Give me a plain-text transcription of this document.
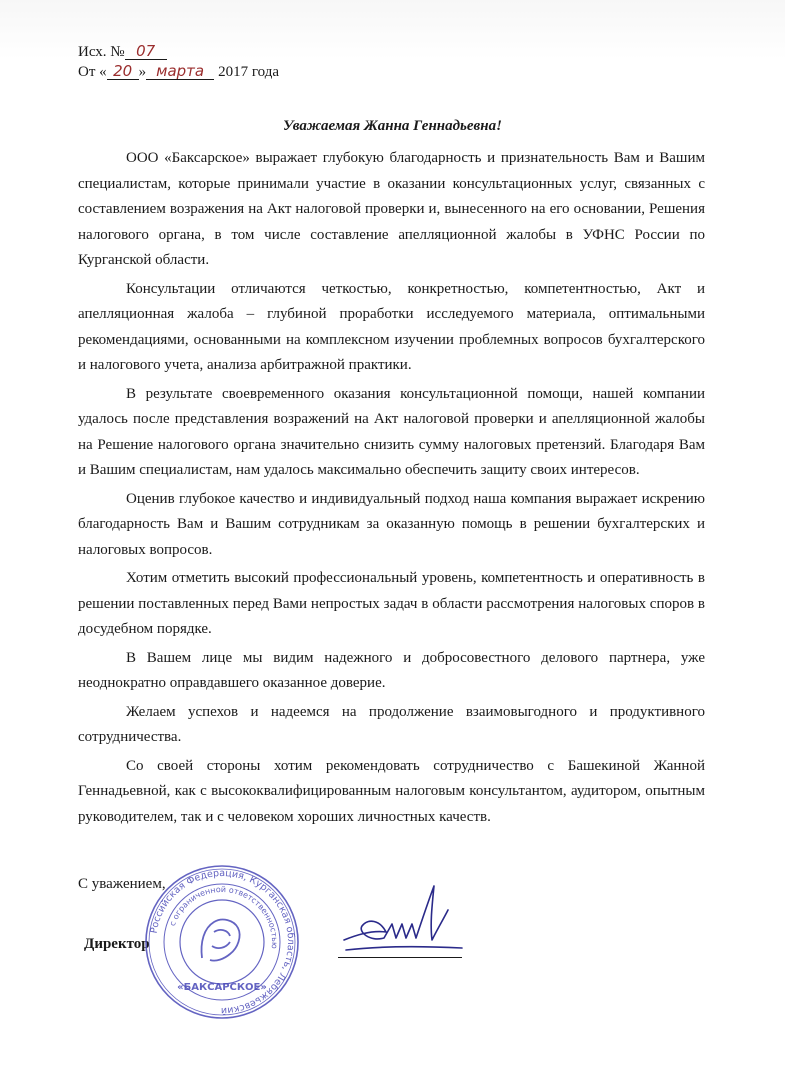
Исх. № 07
От « 20 » марта 2017 года
Уважаемая Жанна Геннадьевна!

ООО «Баксарское» выражает глубокую благодарность и признательность Вам и Вашим специалистам, которые принимали участие в оказании консультационных услуг, связанных с составлением возражения на Акт налоговой проверки и, вынесенного на его основании, Решения налогового органа, в том числе составление апелляционной жалобы в УФНС России по Курганской области.

Консультации отличаются четкостью, конкретностью, компетентностью, Акт и апелляционная жалоба – глубиной проработки исследуемого материала, оптимальными рекомендациями, основанными на комплексном изучении проблемных вопросов бухгалтерского и налогового учета, анализа арбитражной практики.

В результате своевременного оказания консультационной помощи, нашей компании удалось после представления возражений на Акт налоговой проверки и апелляционной жалобы на Решение налогового органа значительно снизить сумму налоговых претензий. Благодаря Вам и Вашим специалистам, нам удалось максимально обеспечить защиту своих интересов.

Оценив глубокое качество и индивидуальный подход наша компания выражает искрению благодарность Вам и Вашим сотрудникам за оказанную помощь в решении бухгалтерских и налоговых вопросов.

Хотим отметить высокий профессиональный уровень, компетентность и оперативность в решении поставленных перед Вами непростых задач в области рассмотрения налоговых споров в досудебном порядке.

В Вашем лице мы видим надежного и добросовестного делового партнера, уже неоднократно оправдавшего оказанное доверие.

Желаем успехов и надеемся на продолжение взаимовыгодного и продуктивного сотрудничества.

Со своей стороны хотим рекомендовать сотрудничество с Башекиной Жанной Геннадьевной, как с высококвалифицированным налоговым консультантом, аудитором, опытным руководителем, так и с человеком хороших личностных качеств.

С уважением,
Директор
Российская Федерация, Курганская область, Лебяжьевский
с ограниченной ответственностью
«БАКСАРСКОЕ»
